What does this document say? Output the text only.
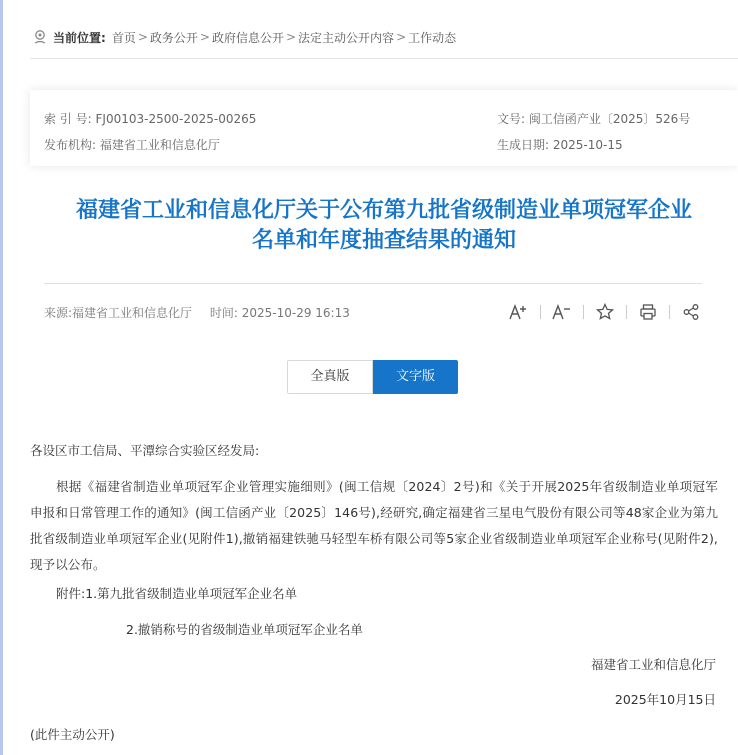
当前位置: 首页 > 政务公开 > 政府信息公开 > 法定主动公开内容 > 工作动态
索 引 号: FJ00103-2500-2025-00265	文号: 闽工信函产业〔2025〕526号
发布机构: 福建省工业和信息化厅	生成日期: 2025-10-15
福建省工业和信息化厅关于公布第九批省级制造业单项冠军企业
名单和年度抽查结果的通知
来源:福建省工业和信息化厅 时间: 2025-10-29 16:13
全真版	文字版
各设区市工信局、平潭综合实验区经发局:
根据《福建省制造业单项冠军企业管理实施细则》(闽工信规〔2024〕2号)和《关于开展2025年省级制造业单项冠军申报和日常管理工作的通知》(闽工信函产业〔2025〕146号),经研究,确定福建省三星电气股份有限公司等48家企业为第九批省级制造业单项冠军企业(见附件1),撤销福建铁驰马轻型车桥有限公司等5家企业省级制造业单项冠军企业称号(见附件2),现予以公布。
附件:1.第九批省级制造业单项冠军企业名单
2.撤销称号的省级制造业单项冠军企业名单
福建省工业和信息化厅
2025年10月15日
(此件主动公开)
